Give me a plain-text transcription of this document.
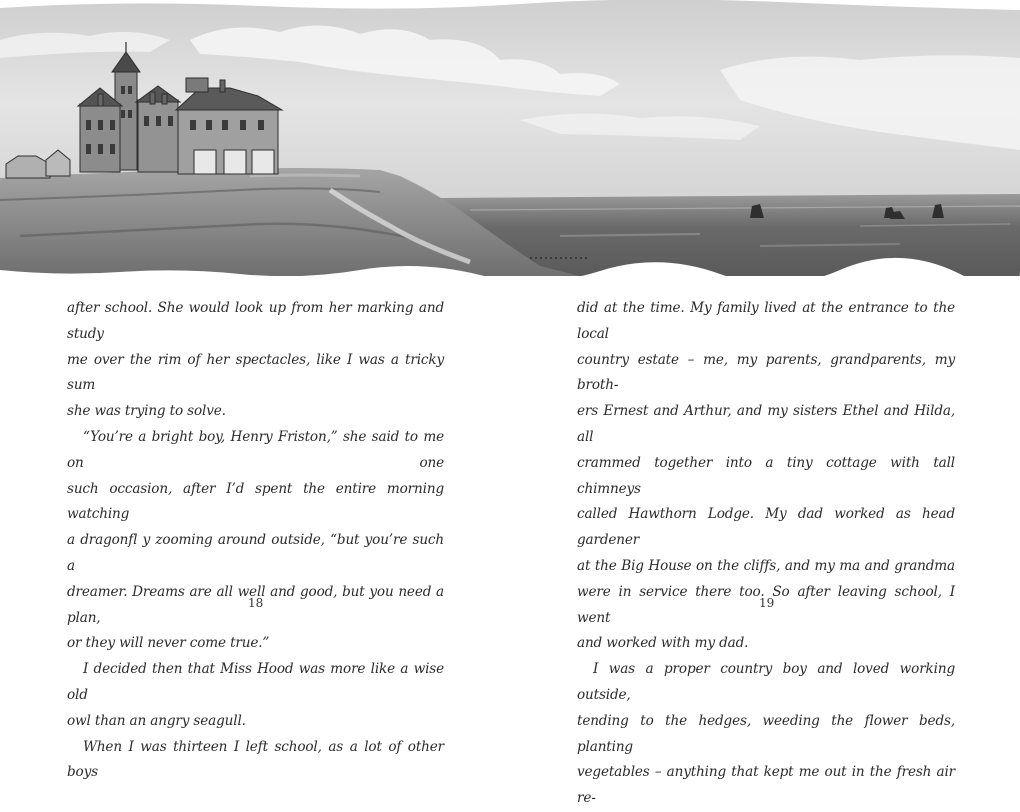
after school. She would look up from her marking and study

me over the rim of her spectacles, like I was a tricky sum

she was trying to solve.

“You’re a bright boy, Henry Friston,” she said to me on one

such occasion, after I’d spent the entire morning watching

a dragonfl y zooming around outside, “but you’re such a

dreamer. Dreams are all well and good, but you need a plan,

or they will never come true.”

I decided then that Miss Hood was more like a wise old

owl than an angry seagull.

When I was thirteen I left school, as a lot of other boys

did at the time. My family lived at the entrance to the local

country estate – me, my parents, grandparents, my broth-

ers Ernest and Arthur, and my sisters Ethel and Hilda, all

crammed together into a tiny cottage with tall chimneys

called Hawthorn Lodge. My dad worked as head gardener

at the Big House on the cliffs, and my ma and grandma

were in service there too. So after leaving school, I went

and worked with my dad.

I was a proper country boy and loved working outside,

tending to the hedges, weeding the flower beds, planting

vegetables – anything that kept me out in the fresh air re-

18	19
